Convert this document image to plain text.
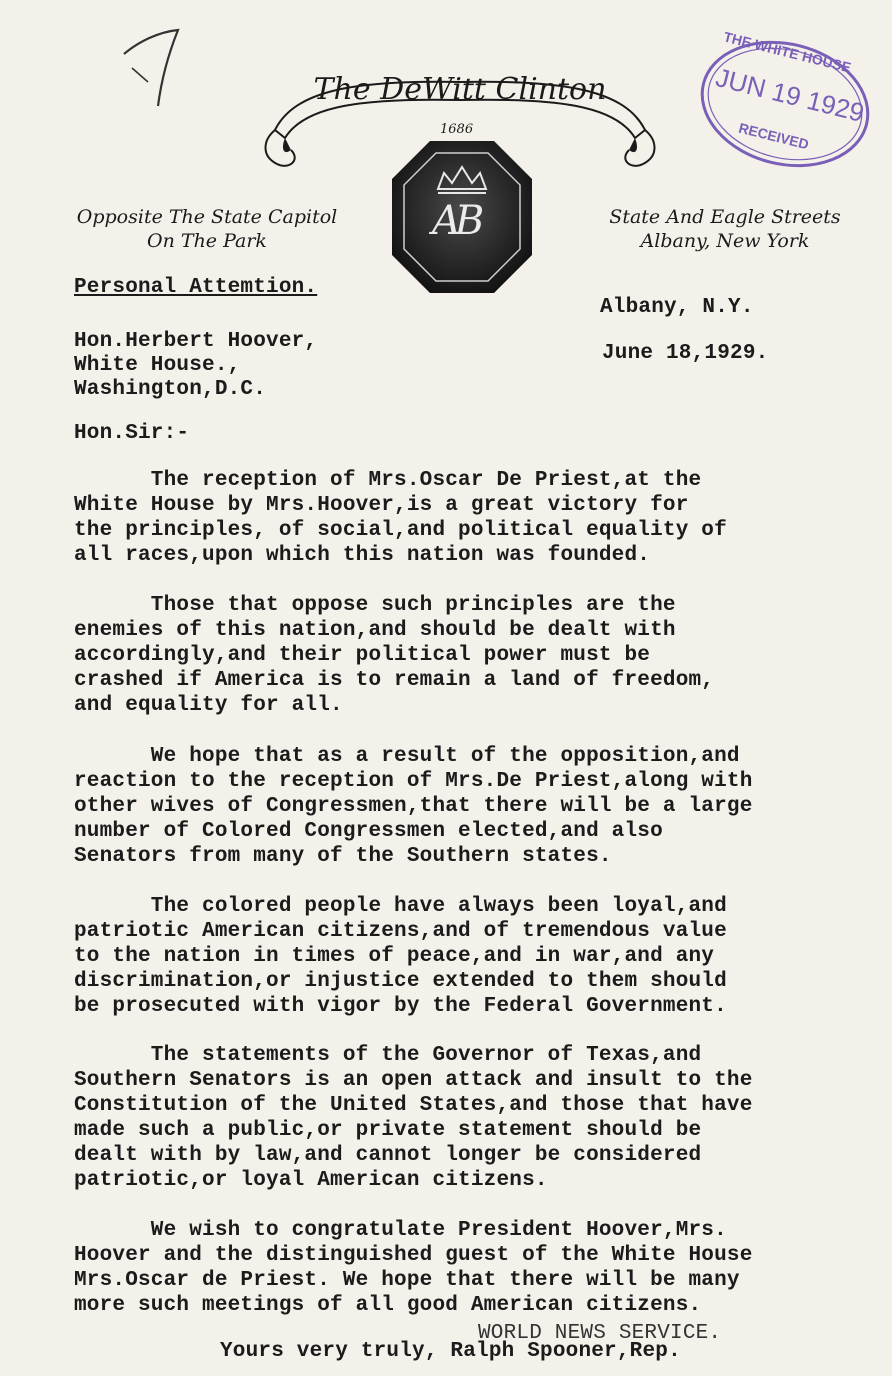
The DeWitt Clinton
1686
AB
Opposite The State Capitol
On The Park
State And Eagle Streets
Albany, New York
THE WHITE HOUSE
JUN 19 1929
RECEIVED
Personal Attemtion.
Albany, N.Y.
June 18,1929.
Hon.Herbert Hoover,
White House.,
Washington,D.C.
Hon.Sir:-
The reception of Mrs.Oscar De Priest,at the
White House by Mrs.Hoover,is a great victory for
the principles, of social,and political equality of
all races,upon which this nation was founded.
Those that oppose such principles are the
enemies of this nation,and should be dealt with
accordingly,and their political power must be
crashed if America is to remain a land of freedom,
and equality for all.
We hope that as a result of the opposition,and
reaction to the reception of Mrs.De Priest,along with
other wives of Congressmen,that there will be a large
number of Colored Congressmen elected,and also
Senators from many of the Southern states.
The colored people have always been loyal,and
patriotic American citizens,and of tremendous value
to the nation in times of peace,and in war,and any
discrimination,or injustice extended to them should
be prosecuted with vigor by the Federal Government.
The statements of the Governor of Texas,and
Southern Senators is an open attack and insult to the
Constitution of the United States,and those that have
made such a public,or private statement should be
dealt with by law,and cannot longer be considered
patriotic,or loyal American citizens.
We wish to congratulate President Hoover,Mrs.
Hoover and the distinguished guest of the White House
Mrs.Oscar de Priest. We hope that there will be many
more such meetings of all good American citizens.
WORLD NEWS SERVICE.
Yours very truly, Ralph Spooner,Rep.
